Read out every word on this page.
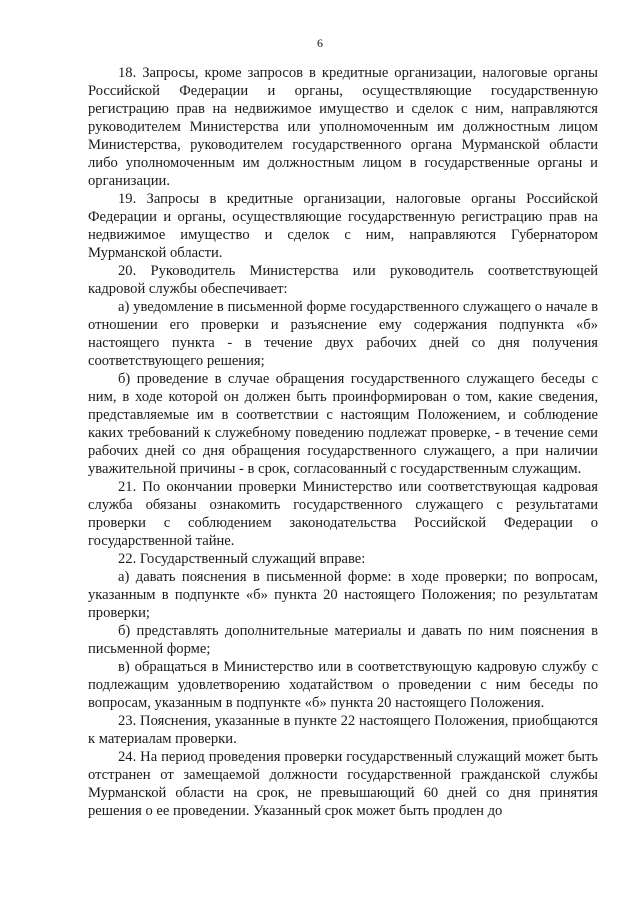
6

18. Запросы, кроме запросов в кредитные организации, налоговые органы Российской Федерации и органы, осуществляющие государственную регистрацию прав на недвижимое имущество и сделок с ним, направляются руководителем Министерства или уполномоченным им должностным лицом Министерства, руководителем государственного органа Мурманской области либо уполномоченным им должностным лицом в государственные органы и организации.

19. Запросы в кредитные организации, налоговые органы Российской Федерации и органы, осуществляющие государственную регистрацию прав на недвижимое имущество и сделок с ним, направляются Губернатором Мурманской области.

20. Руководитель Министерства или руководитель соответствующей кадровой службы обеспечивает:

а) уведомление в письменной форме государственного служащего о начале в отношении его проверки и разъяснение ему содержания подпункта «б» настоящего пункта - в течение двух рабочих дней со дня получения соответствующего решения;

б) проведение в случае обращения государственного служащего беседы с ним, в ходе которой он должен быть проинформирован о том, какие сведения, представляемые им в соответствии с настоящим Положением, и соблюдение каких требований к служебному поведению подлежат проверке, - в течение семи рабочих дней со дня обращения государственного служащего, а при наличии уважительной причины - в срок, согласованный с государственным служащим.

21. По окончании проверки Министерство или соответствующая кадровая служба обязаны ознакомить государственного служащего с результатами проверки с соблюдением законодательства Российской Федерации о государственной тайне.

22. Государственный служащий вправе:

а) давать пояснения в письменной форме: в ходе проверки; по вопросам, указанным в подпункте «б» пункта 20 настоящего Положения; по результатам проверки;

б) представлять дополнительные материалы и давать по ним пояснения в письменной форме;

в) обращаться в Министерство или в соответствующую кадровую службу с подлежащим удовлетворению ходатайством о проведении с ним беседы по вопросам, указанным в подпункте «б» пункта 20 настоящего Положения.

23. Пояснения, указанные в пункте 22 настоящего Положения, приобщаются к материалам проверки.

24. На период проведения проверки государственный служащий может быть отстранен от замещаемой должности государственной гражданской службы Мурманской области на срок, не превышающий 60 дней со дня принятия решения о ее проведении. Указанный срок может быть продлен до
